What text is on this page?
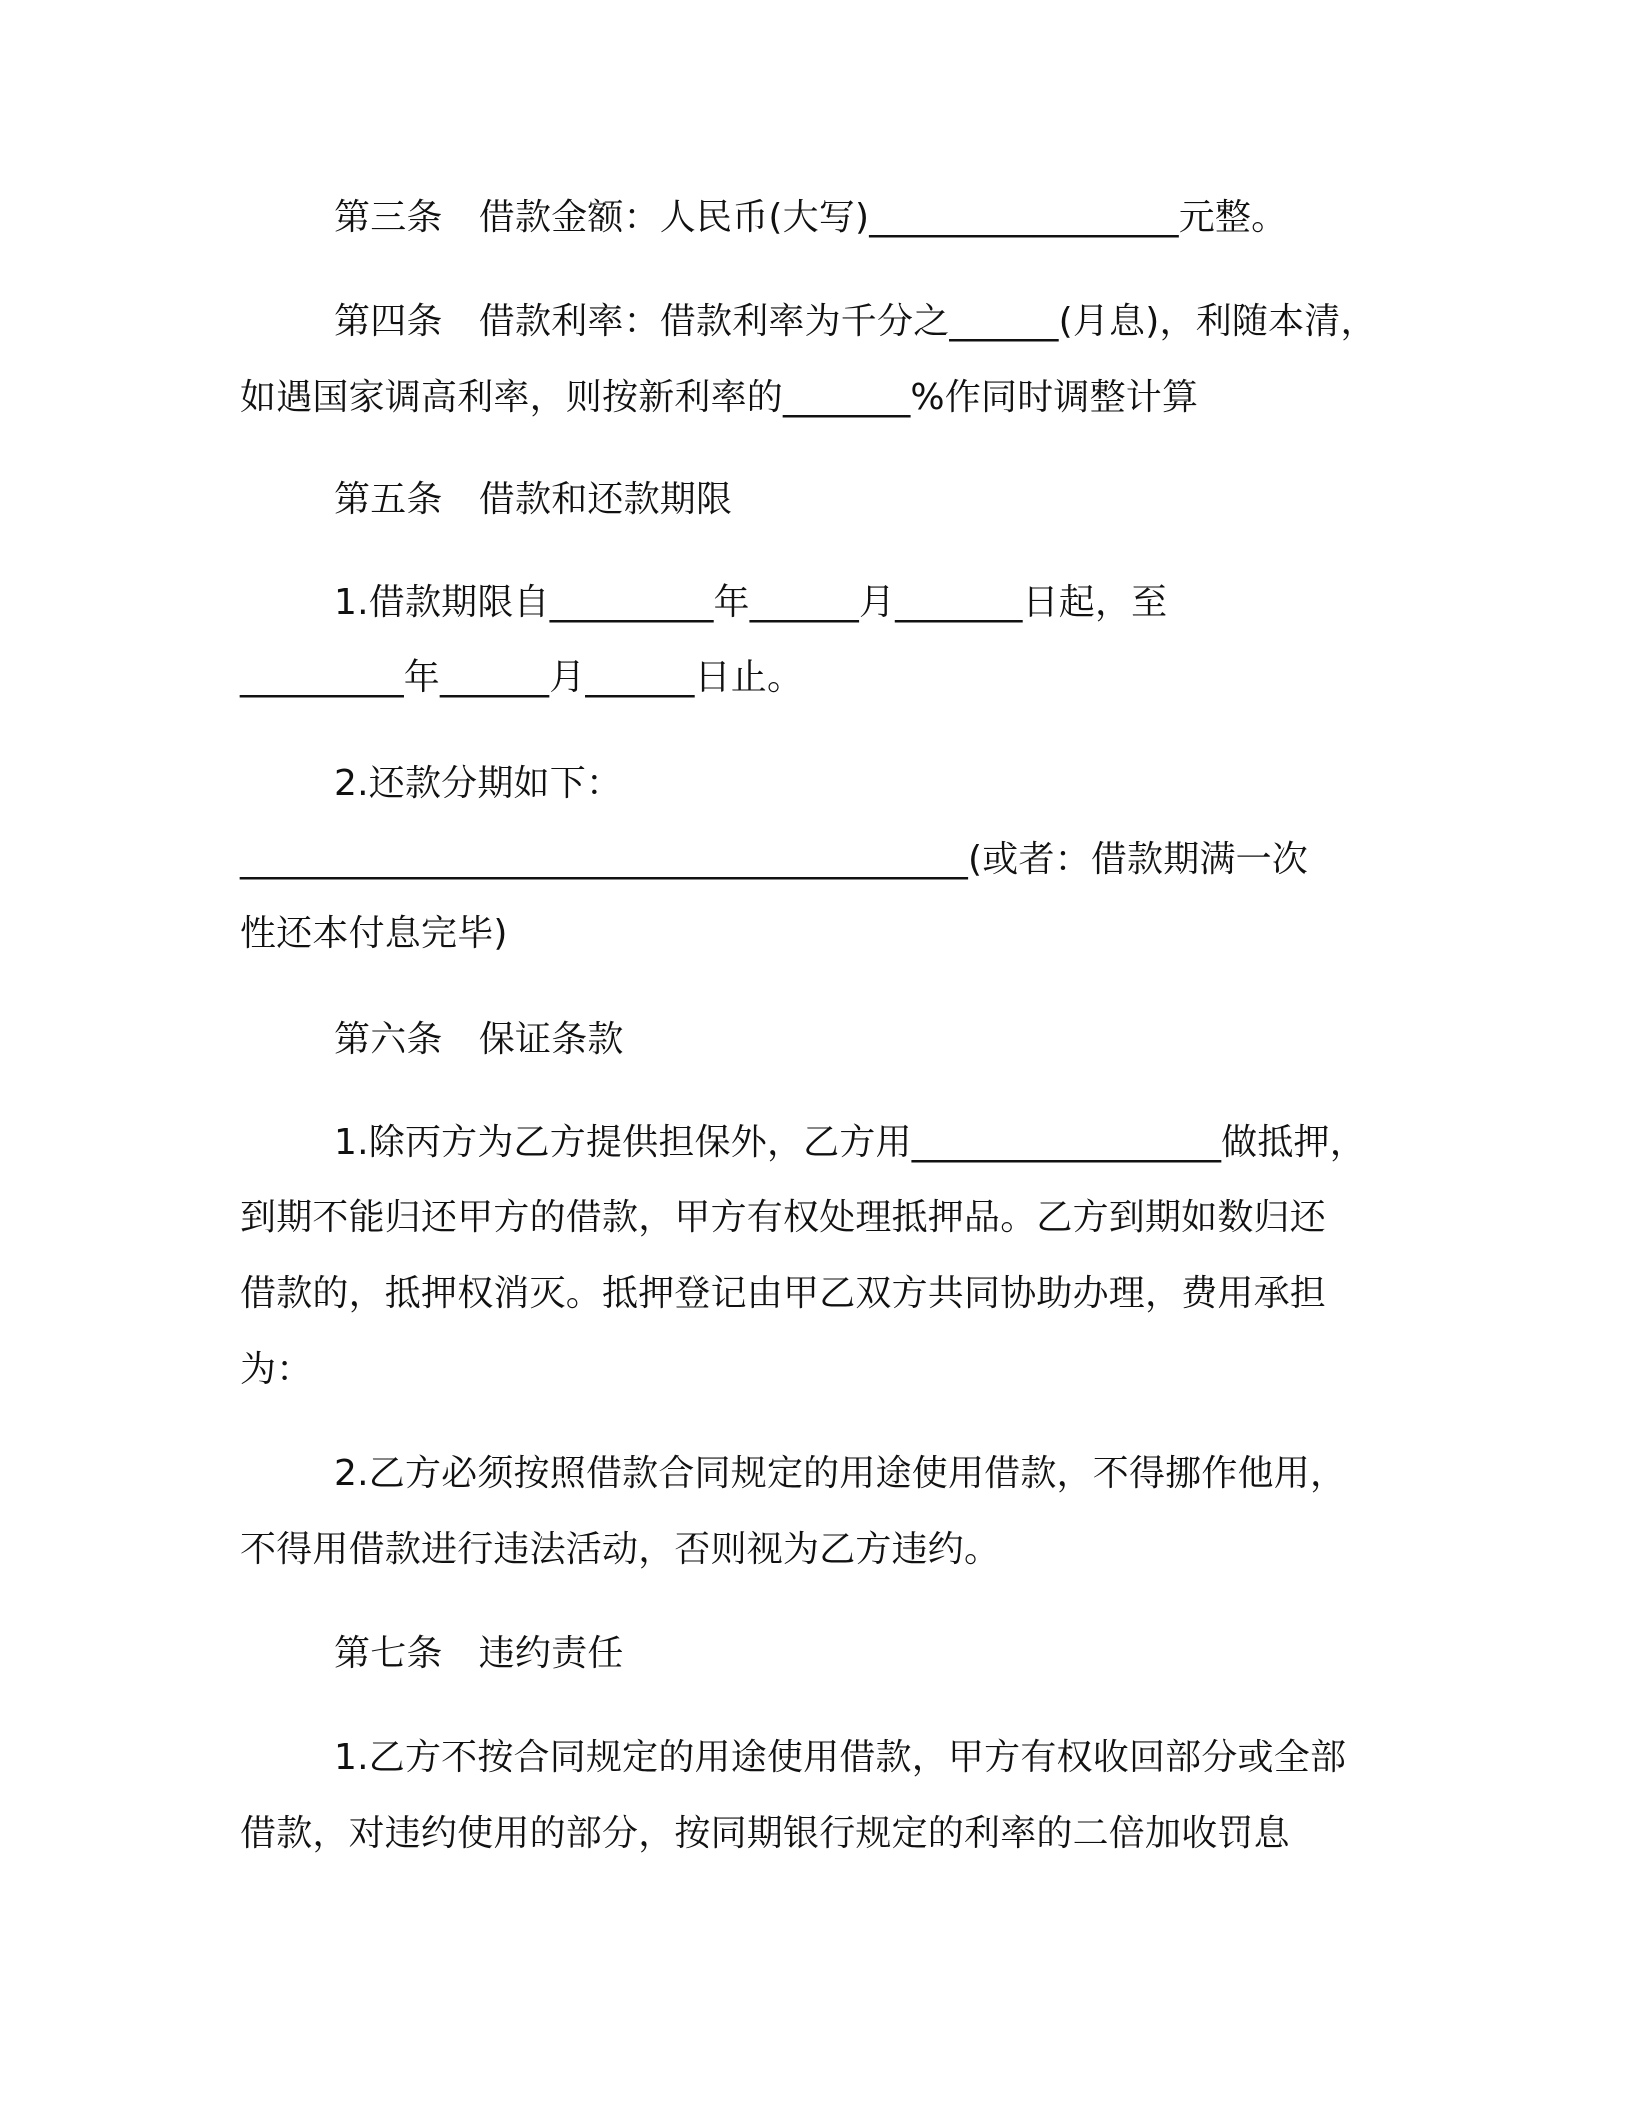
第三条　借款金额：人民币(大写)_________________元整。
第四条　借款利率：借款利率为千分之______(月息)，利随本清，
如遇国家调高利率，则按新利率的_______%作同时调整计算
第五条　借款和还款期限
1.借款期限自_________年______月_______日起，至
_________年______月______日止。
2.还款分期如下：
________________________________________(或者：借款期满一次
性还本付息完毕)
第六条　保证条款
1.除丙方为乙方提供担保外，乙方用_________________做抵押，
到期不能归还甲方的借款，甲方有权处理抵押品。乙方到期如数归还
借款的，抵押权消灭。抵押登记由甲乙双方共同协助办理，费用承担
为：
2.乙方必须按照借款合同规定的用途使用借款，不得挪作他用，
不得用借款进行违法活动，否则视为乙方违约。
第七条　违约责任
1.乙方不按合同规定的用途使用借款，甲方有权收回部分或全部
借款，对违约使用的部分，按同期银行规定的利率的二倍加收罚息
